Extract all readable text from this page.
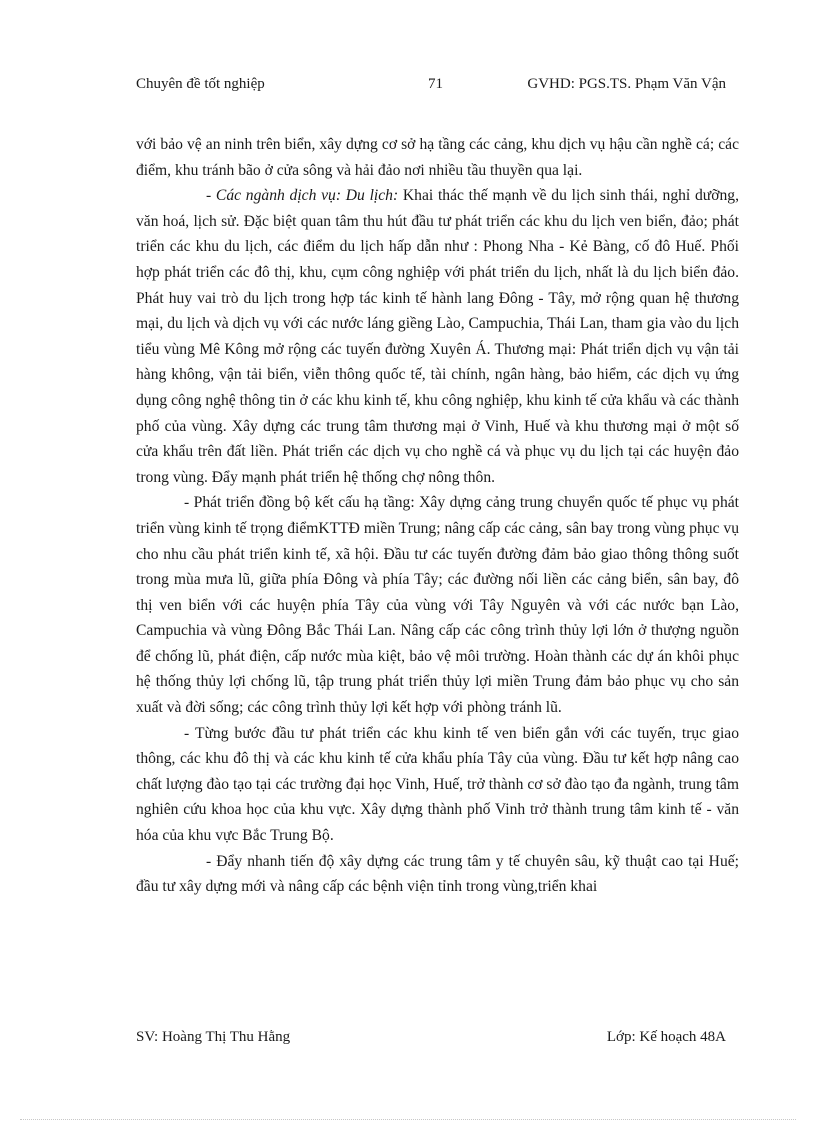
Chuyên đề tốt nghiệp	71	GVHD: PGS.TS. Phạm Văn Vận

với bảo vệ an ninh trên biển, xây dựng cơ sở hạ tầng các cảng, khu dịch vụ hậu cần nghề cá; các điểm, khu tránh bão ở cửa sông và hải đảo nơi nhiều tầu thuyền qua lại.

- Các ngành dịch vụ: Du lịch: Khai thác thế mạnh về du lịch sinh thái, nghỉ dưỡng, văn hoá, lịch sử. Đặc biệt quan tâm thu hút đầu tư phát triển các khu du lịch ven biển, đảo; phát triển các khu du lịch, các điểm du lịch hấp dẫn như : Phong Nha - Kẻ Bàng, cố đô Huế. Phối hợp phát triển các đô thị, khu, cụm công nghiệp với phát triển du lịch, nhất là du lịch biển đảo. Phát huy vai trò du lịch trong hợp tác kinh tế hành lang Đông - Tây, mở rộng quan hệ thương mại, du lịch và dịch vụ với các nước láng giềng Lào, Campuchia, Thái Lan, tham gia vào du lịch tiểu vùng Mê Kông mở rộng các tuyến đường Xuyên Á. Thương mại: Phát triển dịch vụ vận tải hàng không, vận tải biển, viễn thông quốc tế, tài chính, ngân hàng, bảo hiểm, các dịch vụ ứng dụng công nghệ thông tin ở các khu kinh tế, khu công nghiệp, khu kinh tế cửa khẩu và các thành phố của vùng. Xây dựng các trung tâm thương mại ở Vinh, Huế và khu thương mại ở một số cửa khẩu trên đất liền. Phát triển các dịch vụ cho nghề cá và phục vụ du lịch tại các huyện đảo trong vùng. Đẩy mạnh phát triển hệ thống chợ nông thôn.

- Phát triển đồng bộ kết cấu hạ tầng: Xây dựng cảng trung chuyển quốc tế phục vụ phát triển vùng kinh tế trọng điểmKTTĐ miền Trung; nâng cấp các cảng, sân bay trong vùng phục vụ cho nhu cầu phát triển kinh tế, xã hội. Đầu tư các tuyến đường đảm bảo giao thông thông suốt trong mùa mưa lũ, giữa phía Đông và phía Tây; các đường nối liền các cảng biển, sân bay, đô thị ven biển với các huyện phía Tây của vùng với Tây Nguyên và với các nước bạn Lào, Campuchia và vùng Đông Bắc Thái Lan. Nâng cấp các công trình thủy lợi lớn ở thượng nguồn để chống lũ, phát điện, cấp nước mùa kiệt, bảo vệ môi trường. Hoàn thành các dự án khôi phục hệ thống thủy lợi chống lũ, tập trung phát triển thủy lợi miền Trung đảm bảo phục vụ cho sản xuất và đời sống; các công trình thủy lợi kết hợp với phòng tránh lũ.

- Từng bước đầu tư phát triển các khu kinh tế ven biển gắn với các tuyến, trục giao thông, các khu đô thị và các khu kinh tế cửa khẩu phía Tây của vùng. Đầu tư kết hợp nâng cao chất lượng đào tạo tại các trường đại học Vinh, Huế, trở thành cơ sở đào tạo đa ngành, trung tâm nghiên cứu khoa học của khu vực. Xây dựng thành phố Vinh trở thành trung tâm kinh tế - văn hóa của khu vực Bắc Trung Bộ.

- Đẩy nhanh tiến độ xây dựng các trung tâm y tế chuyên sâu, kỹ thuật cao tại Huế; đầu tư xây dựng mới và nâng cấp các bệnh viện tỉnh trong vùng,triển khai

SV: Hoàng Thị Thu Hằng	Lớp: Kế hoạch 48A
